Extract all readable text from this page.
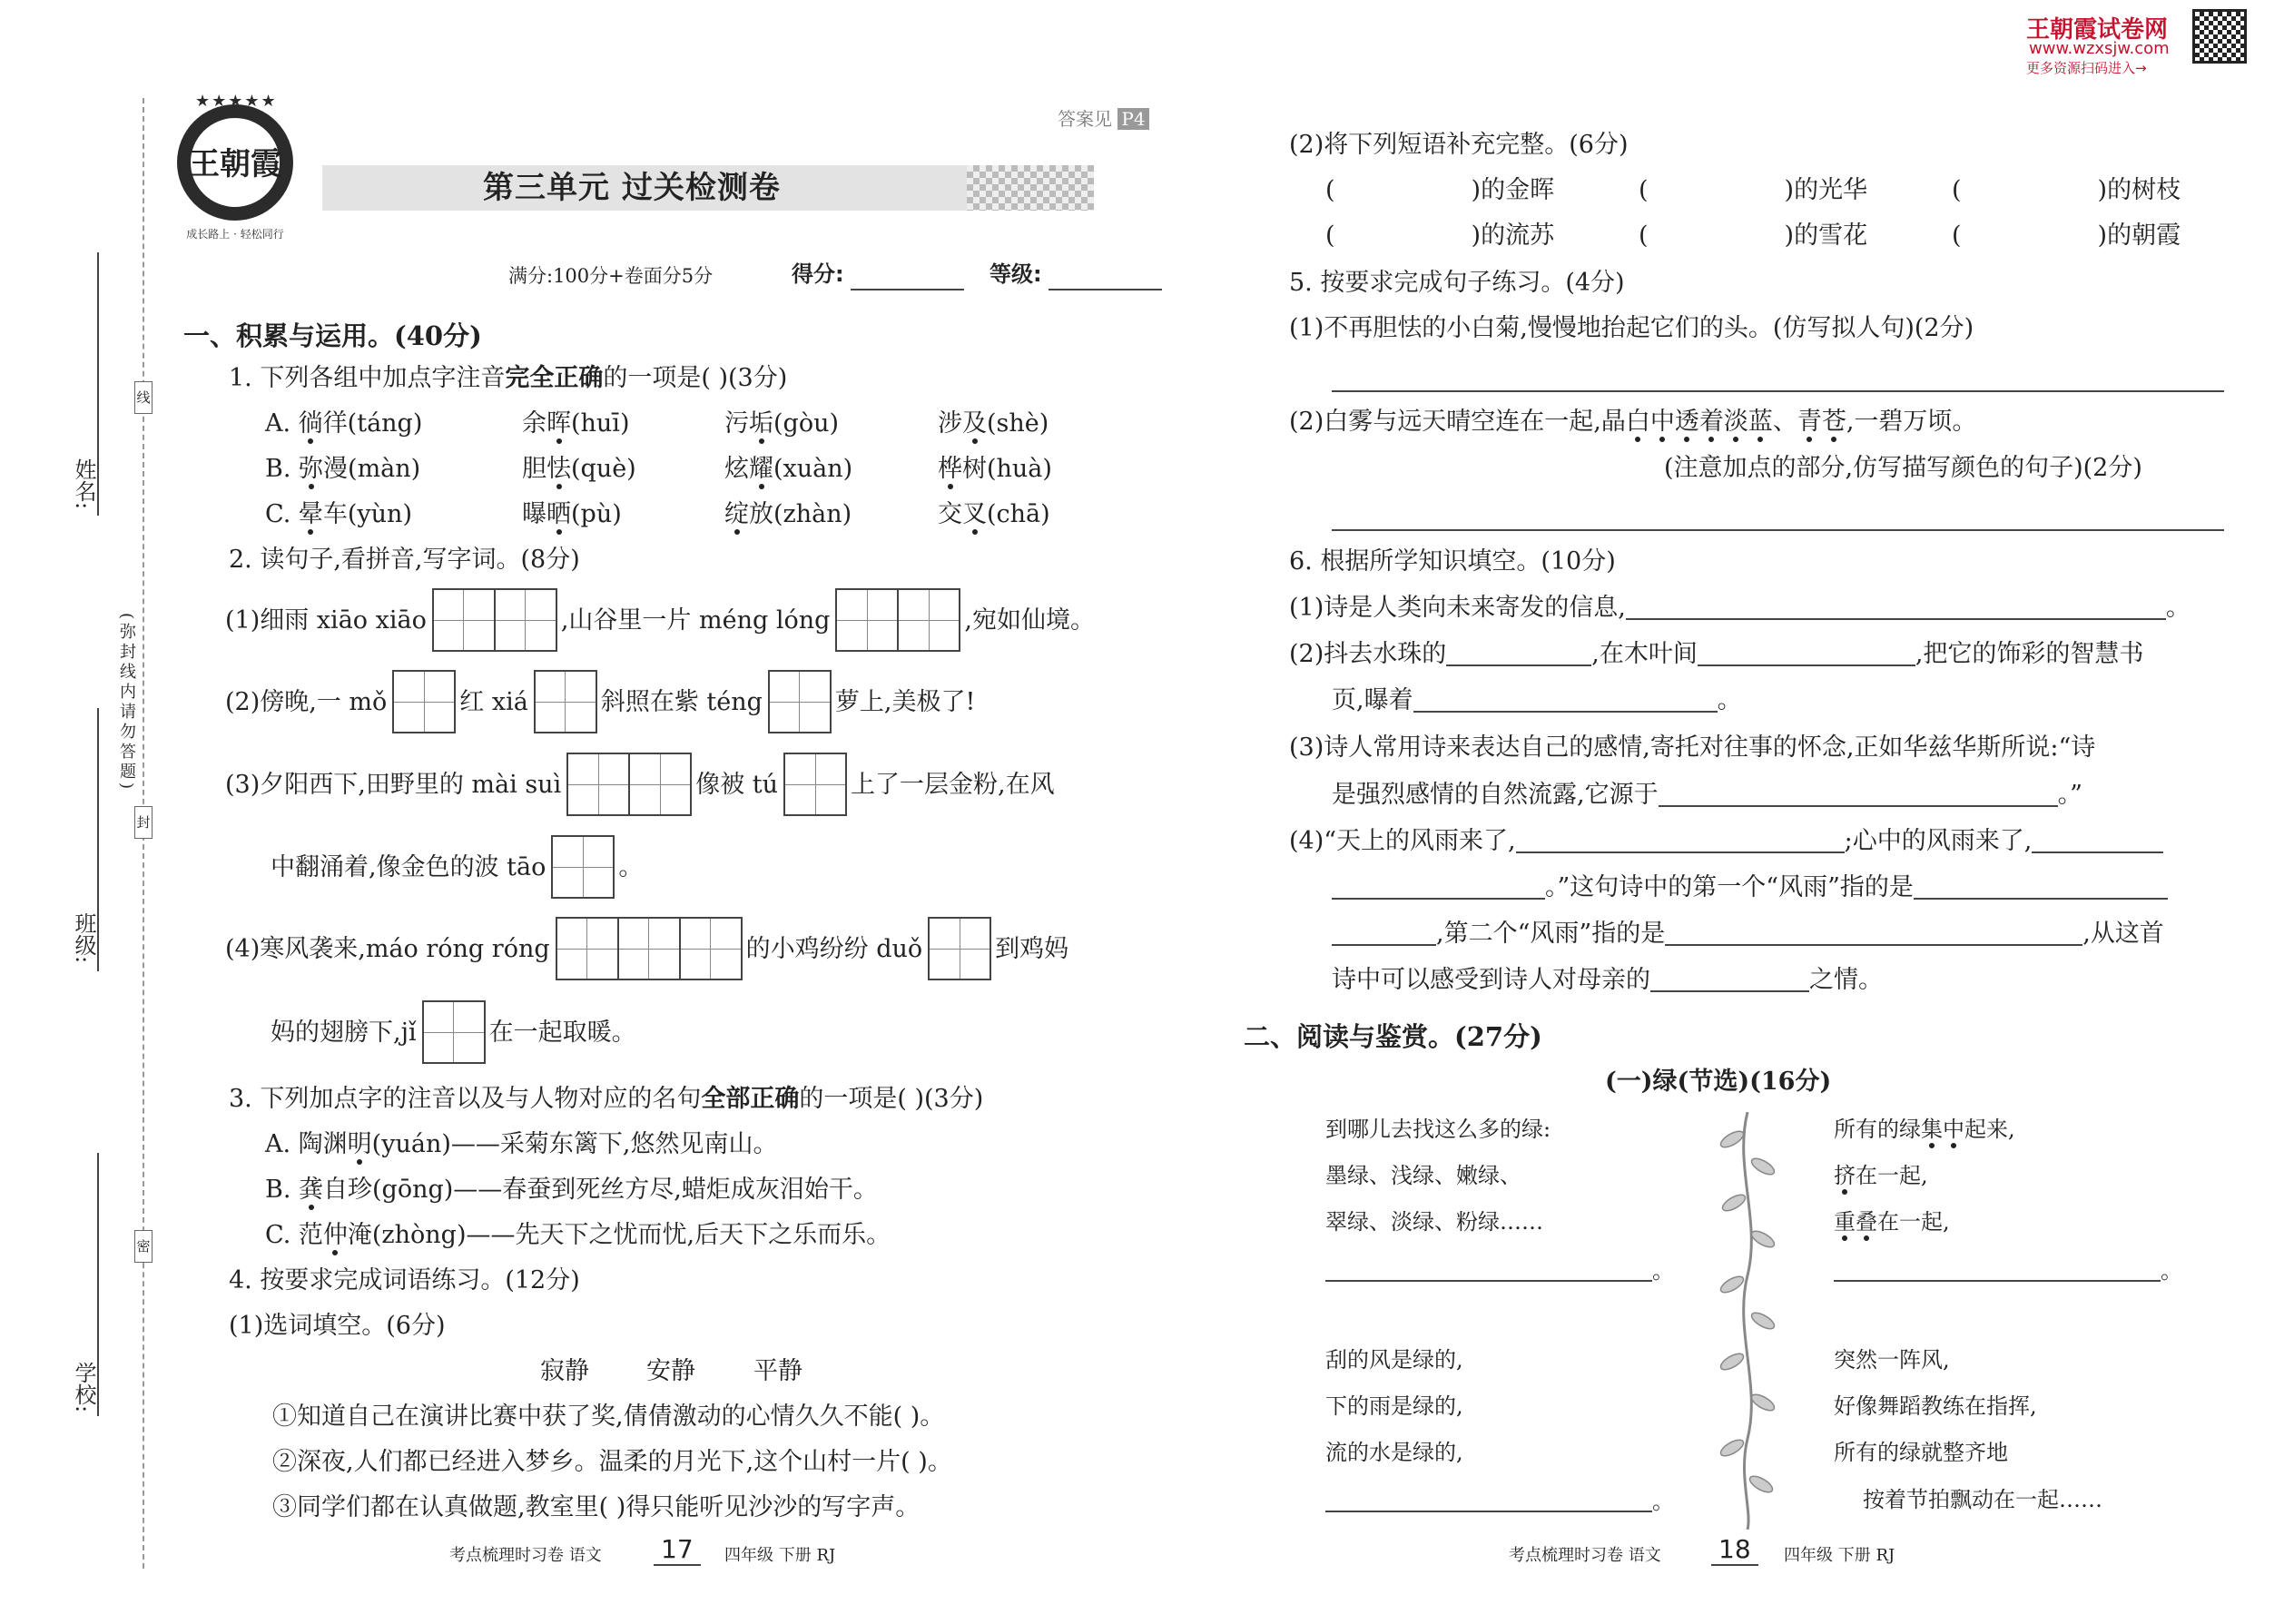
姓名:
班级:
学校:
线
封
密
(弥封线内请勿答题)
王朝霞
成长路上 · 轻松同行
★★★★★
第三单元 过关检测卷
答案见 P4
满分:100分+卷面分5分	得分:	等级:
王朝霞试卷网
www.wzxsjw.com
更多资源扫码进入→
一、积累与运用。(40分)
1. 下列各组中加点字注音完全正确的一项是( )(3分)
A. 徜徉(táng)	余晖(huī)	污垢(gòu)	涉及(shè)
B. 弥漫(màn)	胆怯(què)	炫耀(xuàn)	桦树(huà)
C. 晕车(yùn)	曝晒(pù)	绽放(zhàn)	交叉(chā)
2. 读句子,看拼音,写字词。(8分)
(1)细雨 xiāo xiāo	,山谷里一片 méng lóng	,宛如仙境。
(2)傍晚,一 mǒ	红 xiá	斜照在紫 téng	萝上,美极了!
(3)夕阳西下,田野里的 mài suì	像被 tú	上了一层金粉,在风
中翻涌着,像金色的波 tāo	。
(4)寒风袭来,máo róng róng	的小鸡纷纷 duǒ	到鸡妈
妈的翅膀下,jǐ	在一起取暖。
3. 下列加点字的注音以及与人物对应的名句全部正确的一项是( )(3分)
A. 陶渊明(yuán)——采菊东篱下,悠然见南山。
B. 龚自珍(gōng)——春蚕到死丝方尽,蜡炬成灰泪始干。
C. 范仲淹(zhòng)——先天下之忧而忧,后天下之乐而乐。
4. 按要求完成词语练习。(12分)
(1)选词填空。(6分)
寂静 安静 平静
①知道自己在演讲比赛中获了奖,倩倩激动的心情久久不能( )。
②深夜,人们都已经进入梦乡。温柔的月光下,这个山村一片( )。
③同学们都在认真做题,教室里( )得只能听见沙沙的写字声。
考点梳理时习卷 语文 17	四年级 下册 RJ
(2)将下列短语补充完整。(6分)
(	)的金晖	(	)的光华	(	)的树枝
(	)的流苏	(	)的雪花	(	)的朝霞
5. 按要求完成句子练习。(4分)
(1)不再胆怯的小白菊,慢慢地抬起它们的头。(仿写拟人句)(2分)
(2)白雾与远天晴空连在一起,晶白中透着淡蓝、青苍,一碧万顷。
(注意加点的部分,仿写描写颜色的句子)(2分)
6. 根据所学知识填空。(10分)
(1)诗是人类向未来寄发的信息,	。
(2)抖去水珠的	,在木叶间	,把它的饰彩的智慧书
页,曝着	。
(3)诗人常用诗来表达自己的感情,寄托对往事的怀念,正如华兹华斯所说:“诗
是强烈感情的自然流露,它源于	。”
(4)“天上的风雨来了,	;心中的风雨来了,
。”这句诗中的第一个“风雨”指的是
,第二个“风雨”指的是	,从这首
诗中可以感受到诗人对母亲的	之情。
二、阅读与鉴赏。(27分)
(一)绿(节选)(16分)
到哪儿去找这么多的绿:
墨绿、浅绿、嫩绿、
翠绿、淡绿、粉绿……
。
刮的风是绿的,
下的雨是绿的,
流的水是绿的,
。
所有的绿集中起来,
挤在一起,
重叠在一起,
。
突然一阵风,
好像舞蹈教练在指挥,
所有的绿就整齐地
按着节拍飘动在一起……
考点梳理时习卷 语文 18	四年级 下册 RJ
